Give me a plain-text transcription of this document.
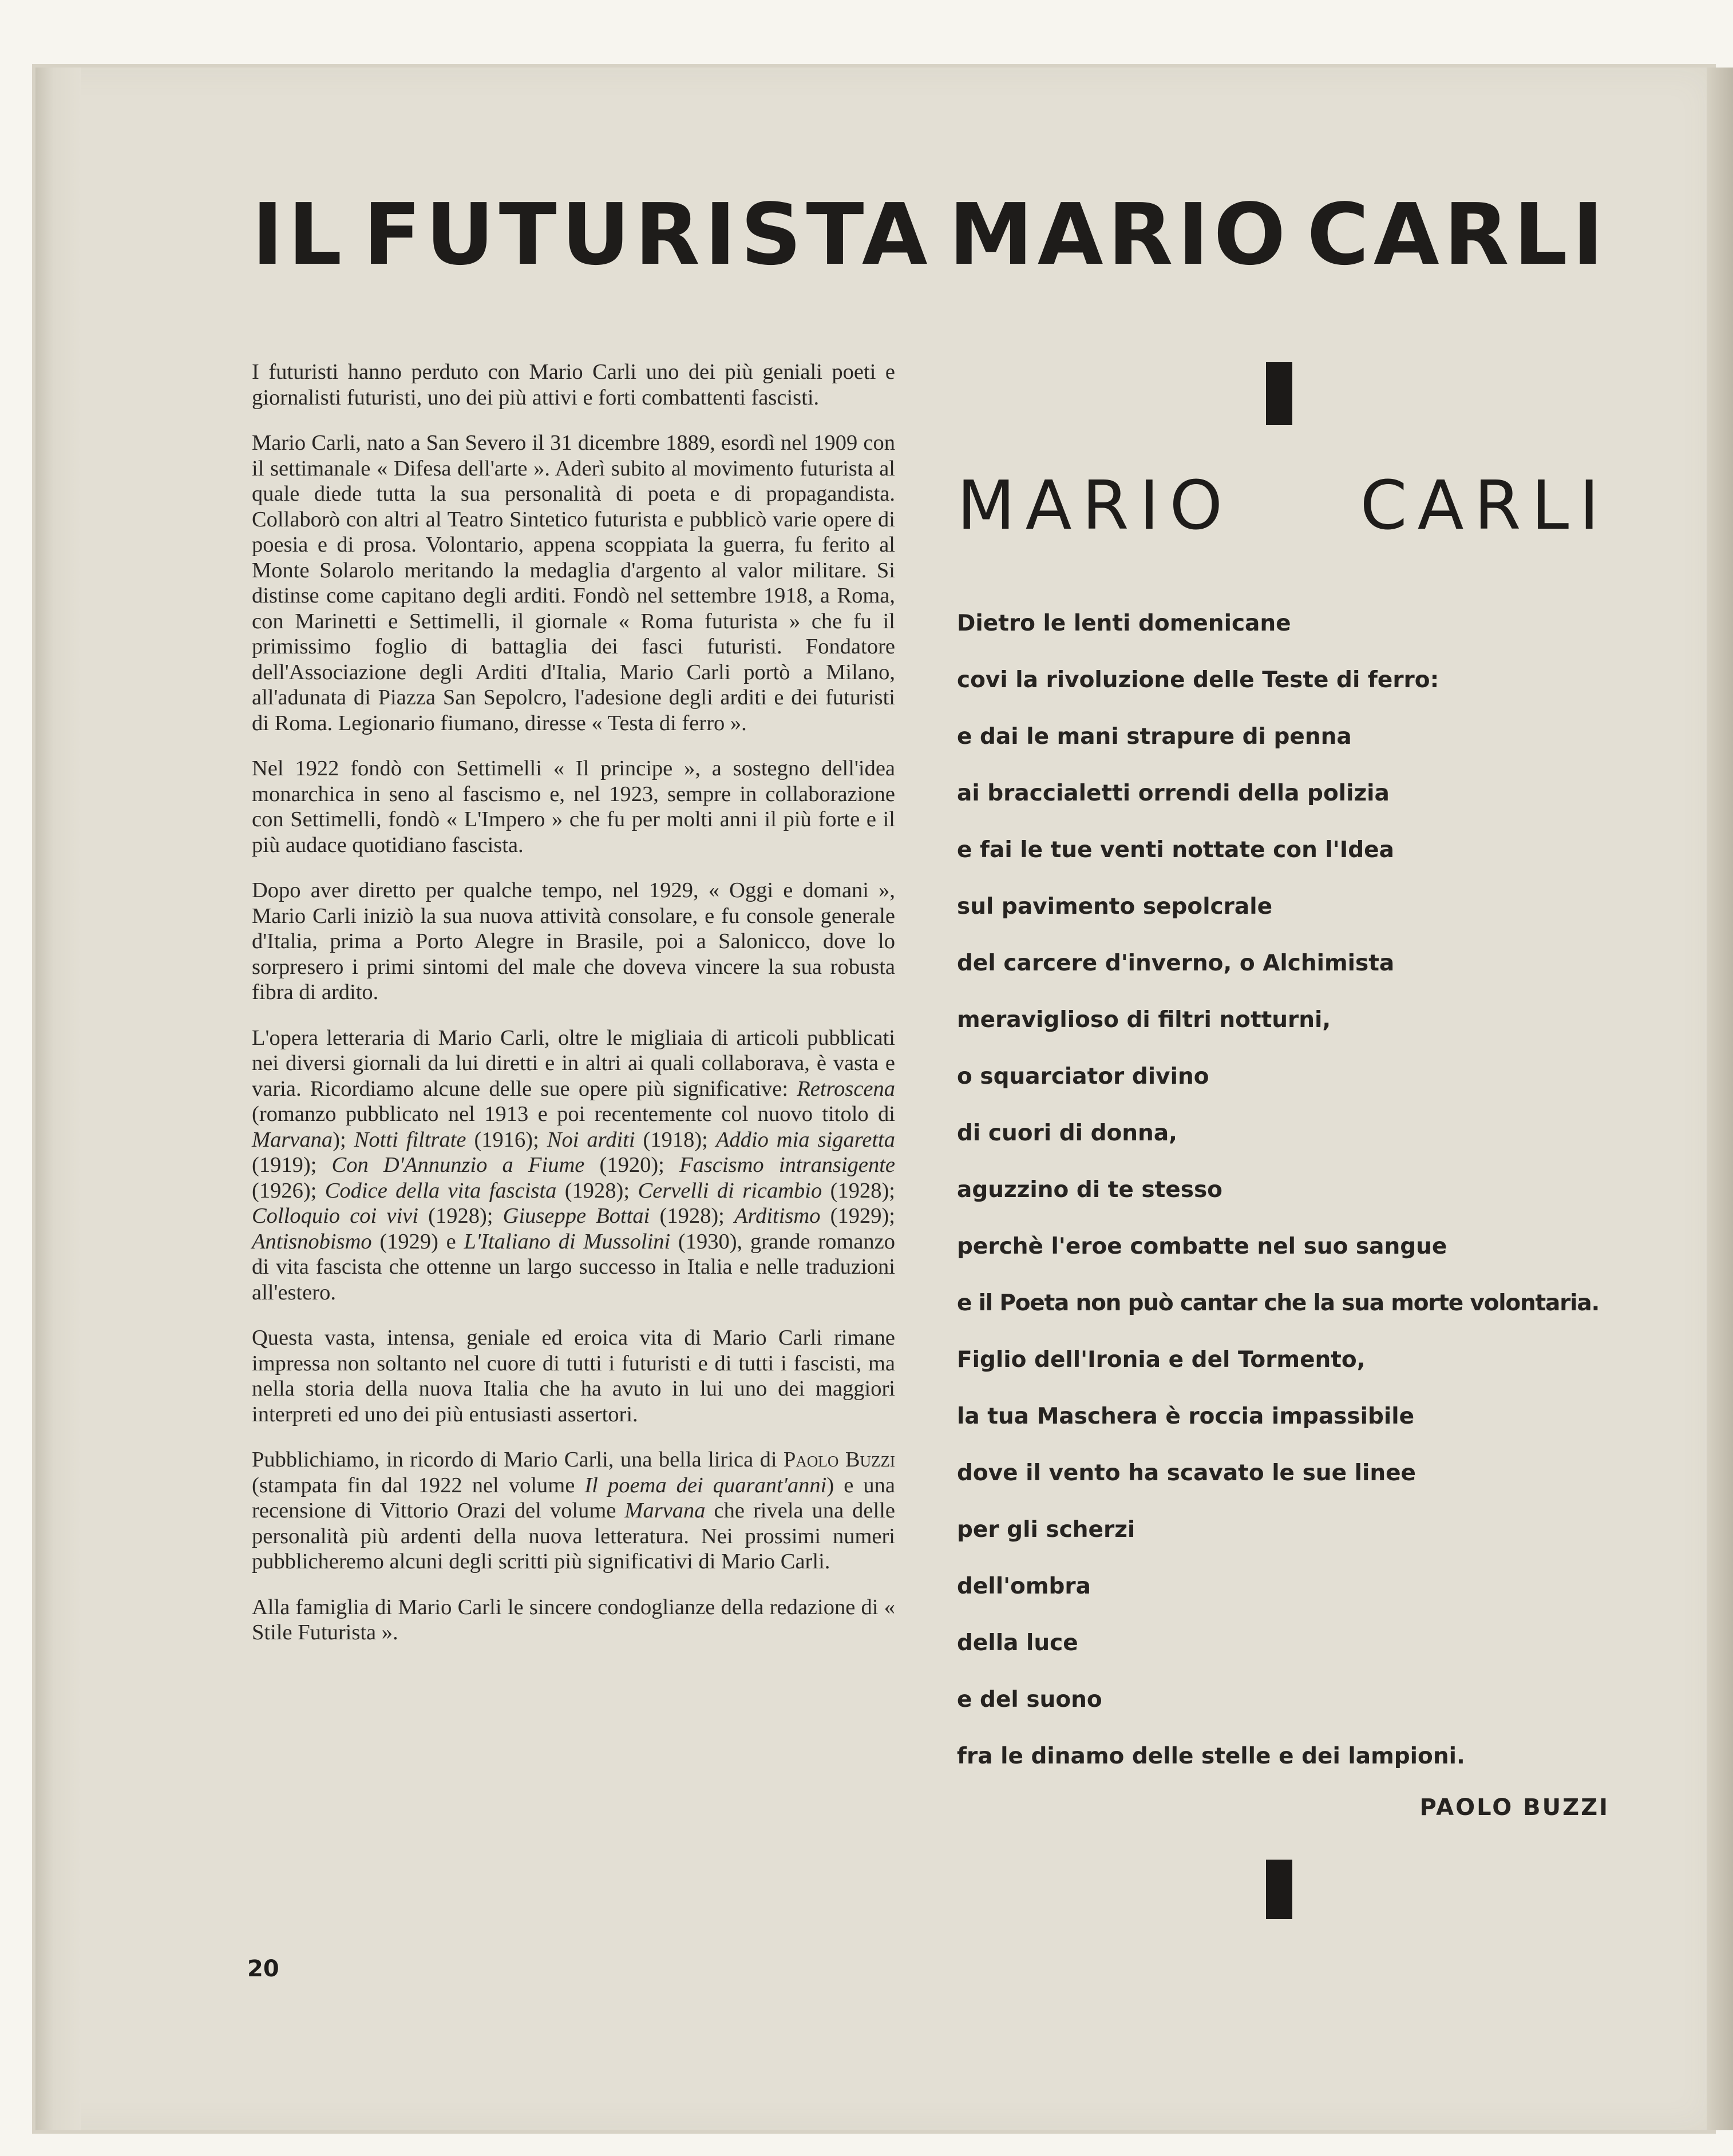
IL FUTURISTA MARIO CARLI

I futuristi hanno perduto con Mario Carli uno dei più geniali poeti e giornalisti futuristi, uno dei più attivi e forti combattenti fascisti.

Mario Carli, nato a San Severo il 31 dicembre 1889, esordì nel 1909 con il settimanale « Difesa dell'arte ». Aderì subito al movimento futurista al quale diede tutta la sua personalità di poeta e di propagandista. Collaborò con altri al Teatro Sintetico futurista e pubblicò varie opere di poesia e di prosa. Volontario, appena scoppiata la guerra, fu ferito al Monte Solarolo meritando la medaglia d'argento al valor militare. Si distinse come capitano degli arditi. Fondò nel settembre 1918, a Roma, con Marinetti e Settimelli, il giornale « Roma futurista » che fu il primissimo foglio di battaglia dei fasci futuristi. Fondatore dell'Associazione degli Arditi d'Italia, Mario Carli portò a Milano, all'adunata di Piazza San Sepolcro, l'adesione degli arditi e dei futuristi di Roma. Legionario fiumano, diresse « Testa di ferro ».

Nel 1922 fondò con Settimelli « Il principe », a sostegno dell'idea monarchica in seno al fascismo e, nel 1923, sempre in collaborazione con Settimelli, fondò « L'Impero » che fu per molti anni il più forte e il più audace quotidiano fascista.

Dopo aver diretto per qualche tempo, nel 1929, « Oggi e domani », Mario Carli iniziò la sua nuova attività consolare, e fu console generale d'Italia, prima a Porto Alegre in Brasile, poi a Salonicco, dove lo sorpresero i primi sintomi del male che doveva vincere la sua robusta fibra di ardito.

L'opera letteraria di Mario Carli, oltre le migliaia di articoli pubblicati nei diversi giornali da lui diretti e in altri ai quali collaborava, è vasta e varia. Ricordiamo alcune delle sue opere più significative: Retroscena (romanzo pubblicato nel 1913 e poi recentemente col nuovo titolo di Marvana); Notti filtrate (1916); Noi arditi (1918); Addio mia sigaretta (1919); Con D'Annunzio a Fiume (1920); Fascismo intransigente (1926); Codice della vita fascista (1928); Cervelli di ricambio (1928); Colloquio coi vivi (1928); Giuseppe Bottai (1928); Arditismo (1929); Antisnobismo (1929) e L'Italiano di Mussolini (1930), grande romanzo di vita fascista che ottenne un largo successo in Italia e nelle traduzioni all'estero.

Questa vasta, intensa, geniale ed eroica vita di Mario Carli rimane impressa non soltanto nel cuore di tutti i futuristi e di tutti i fascisti, ma nella storia della nuova Italia che ha avuto in lui uno dei maggiori interpreti ed uno dei più entusiasti assertori.

Pubblichiamo, in ricordo di Mario Carli, una bella lirica di Paolo Buzzi (stampata fin dal 1922 nel volume Il poema dei quarant'anni) e una recensione di Vittorio Orazi del volume Marvana che rivela una delle personalità più ardenti della nuova letteratura. Nei prossimi numeri pubblicheremo alcuni degli scritti più significativi di Mario Carli.

Alla famiglia di Mario Carli le sincere condoglianze della redazione di « Stile Futurista ».

20
MARIO CARLI
Dietro le lenti domenicane
covi la rivoluzione delle Teste di ferro:
e dai le mani strapure di penna
ai braccialetti orrendi della polizia
e fai le tue venti nottate con l'Idea
sul pavimento sepolcrale
del carcere d'inverno, o Alchimista
meraviglioso di filtri notturni,
o squarciator divino
di cuori di donna,
aguzzino di te stesso
perchè l'eroe combatte nel suo sangue
e il Poeta non può cantar che la sua morte volontaria.
Figlio dell'Ironia e del Tormento,
la tua Maschera è roccia impassibile
dove il vento ha scavato le sue linee
per gli scherzi
dell'ombra
della luce
e del suono
fra le dinamo delle stelle e dei lampioni.
PAOLO BUZZI
